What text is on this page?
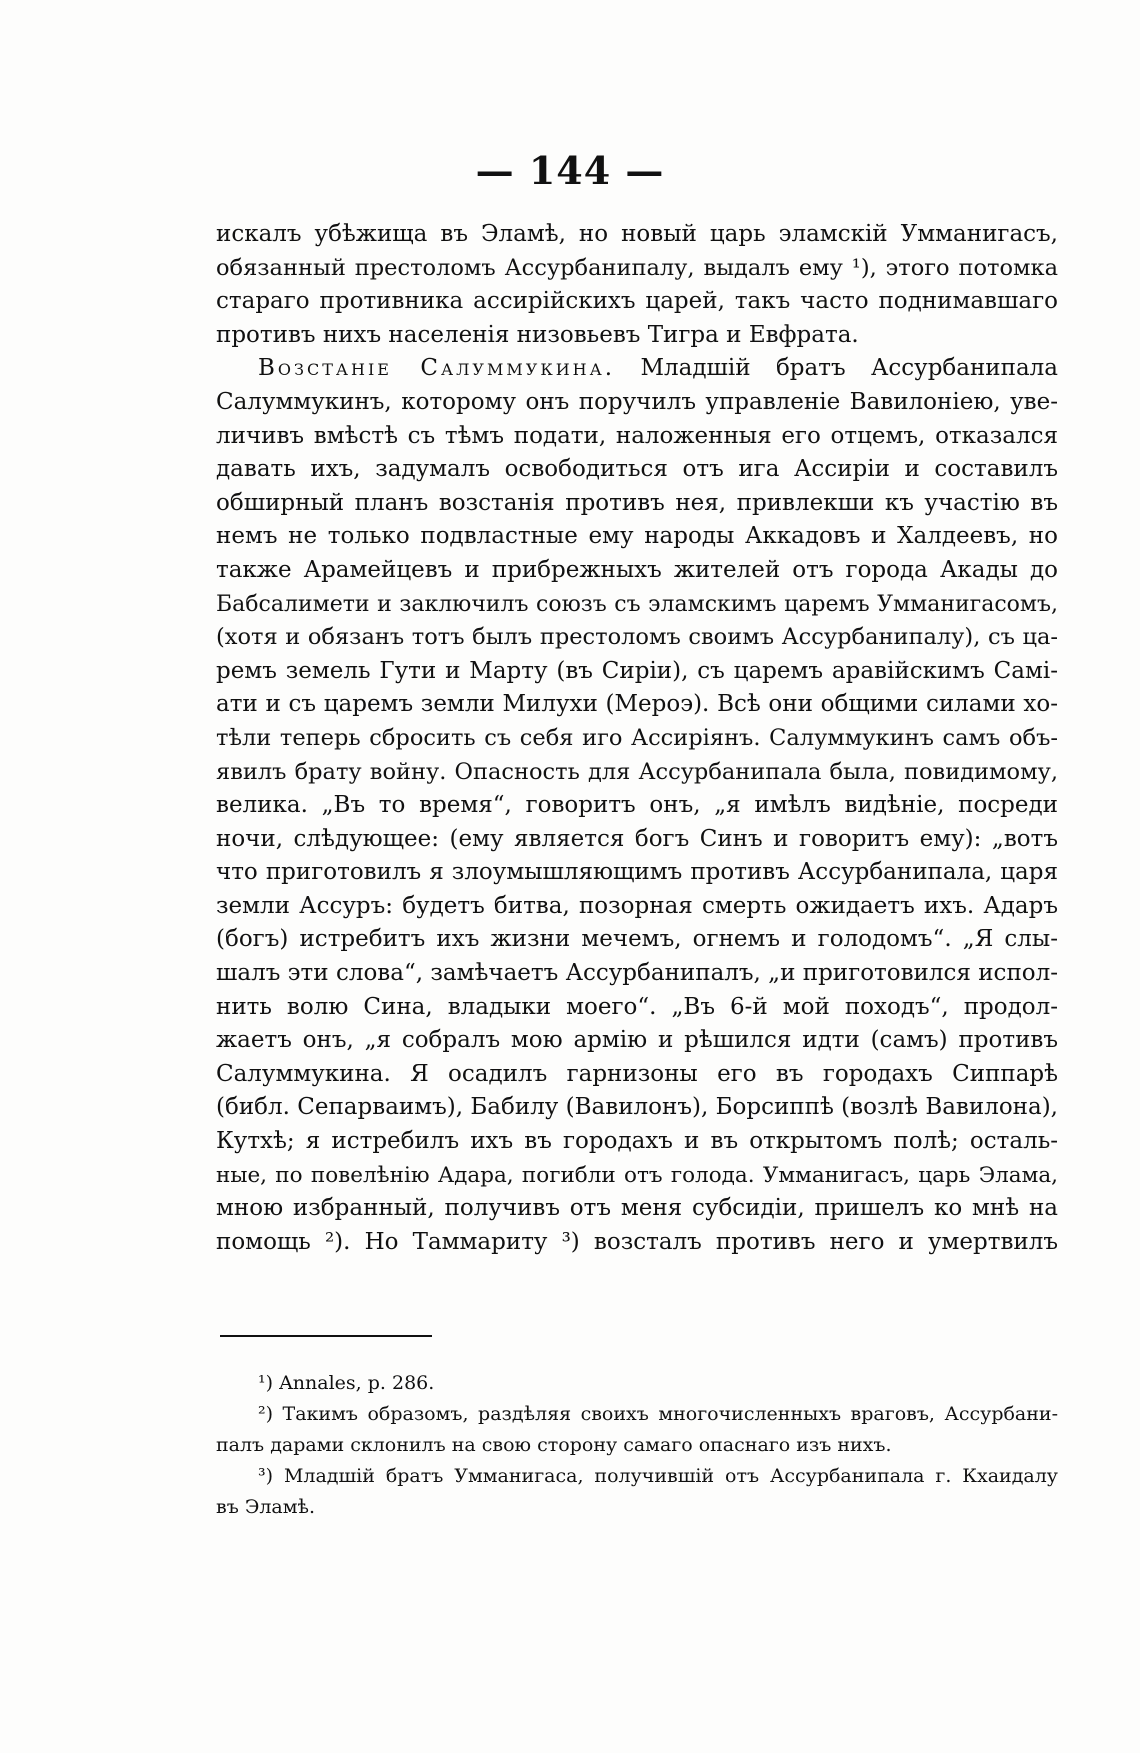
— 144 —
искалъ убѣжища въ Эламѣ, но новый царь эламскій Умманигасъ,
обязанный престоломъ Ассурбанипалу, выдалъ ему ¹), этого потомка
стараго противника ассирійскихъ царей, такъ часто поднимавшаго
противъ нихъ населенія низовьевъ Тигра и Евфрата.
Возстаніе Салуммукина. Младшій братъ Ассурбанипала
Салуммукинъ, которому онъ поручилъ управленіе Вавилоніею, уве-
личивъ вмѣстѣ съ тѣмъ подати, наложенныя его отцемъ, отказался
давать ихъ, задумалъ освободиться отъ ига Ассиріи и составилъ
обширный планъ возстанія противъ нея, привлекши къ участію въ
немъ не только подвластные ему народы Аккадовъ и Халдеевъ, но
также Арамейцевъ и прибрежныхъ жителей отъ города Акады до
Бабсалимети и заключилъ союзъ съ эламскимъ царемъ Умманигасомъ,
(хотя и обязанъ тотъ былъ престоломъ своимъ Ассурбанипалу), съ ца-
ремъ земель Гути и Марту (въ Сиріи), съ царемъ аравійскимъ Самі-
ати и съ царемъ земли Милухи (Мероэ). Всѣ они общими силами хо-
тѣли теперь сбросить съ себя иго Ассиріянъ. Салуммукинъ самъ объ-
явилъ брату войну. Опасность для Ассурбанипала была, повидимому,
велика. „Въ то время“, говоритъ онъ, „я имѣлъ видѣніе, посреди
ночи, слѣдующее: (ему является богъ Синъ и говоритъ ему): „вотъ
что приготовилъ я злоумышляющимъ противъ Ассурбанипала, царя
земли Ассуръ: будетъ битва, позорная смерть ожидаетъ ихъ. Адаръ
(богъ) истребитъ ихъ жизни мечемъ, огнемъ и голодомъ“. „Я слы-
шалъ эти слова“, замѣчаетъ Ассурбанипалъ, „и приготовился испол-
нить волю Сина, владыки моего“. „Въ 6-й мой походъ“, продол-
жаетъ онъ, „я собралъ мою армію и рѣшился идти (самъ) противъ
Салуммукина. Я осадилъ гарнизоны его въ городахъ Сиппарѣ
(библ. Сепарваимъ), Бабилу (Вавилонъ), Борсиппѣ (возлѣ Вавилона),
Кутхѣ; я истребилъ ихъ въ городахъ и въ открытомъ полѣ; осталь-
ные, по повелѣнію Адара, погибли отъ голода. Умманигасъ, царь Элама,
мною избранный, получивъ отъ меня субсидіи, пришелъ ко мнѣ на
помощь ²). Но Таммариту ³) возсталъ противъ него и умертвилъ
¹) Annales, p. 286.
²) Такимъ образомъ, раздѣляя своихъ многочисленныхъ враговъ, Ассурбани-
палъ дарами склонилъ на свою сторону самаго опаснаго изъ нихъ.
³) Младшій братъ Умманигаса, получившій отъ Ассурбанипала г. Кхаидалу
въ Эламѣ.
